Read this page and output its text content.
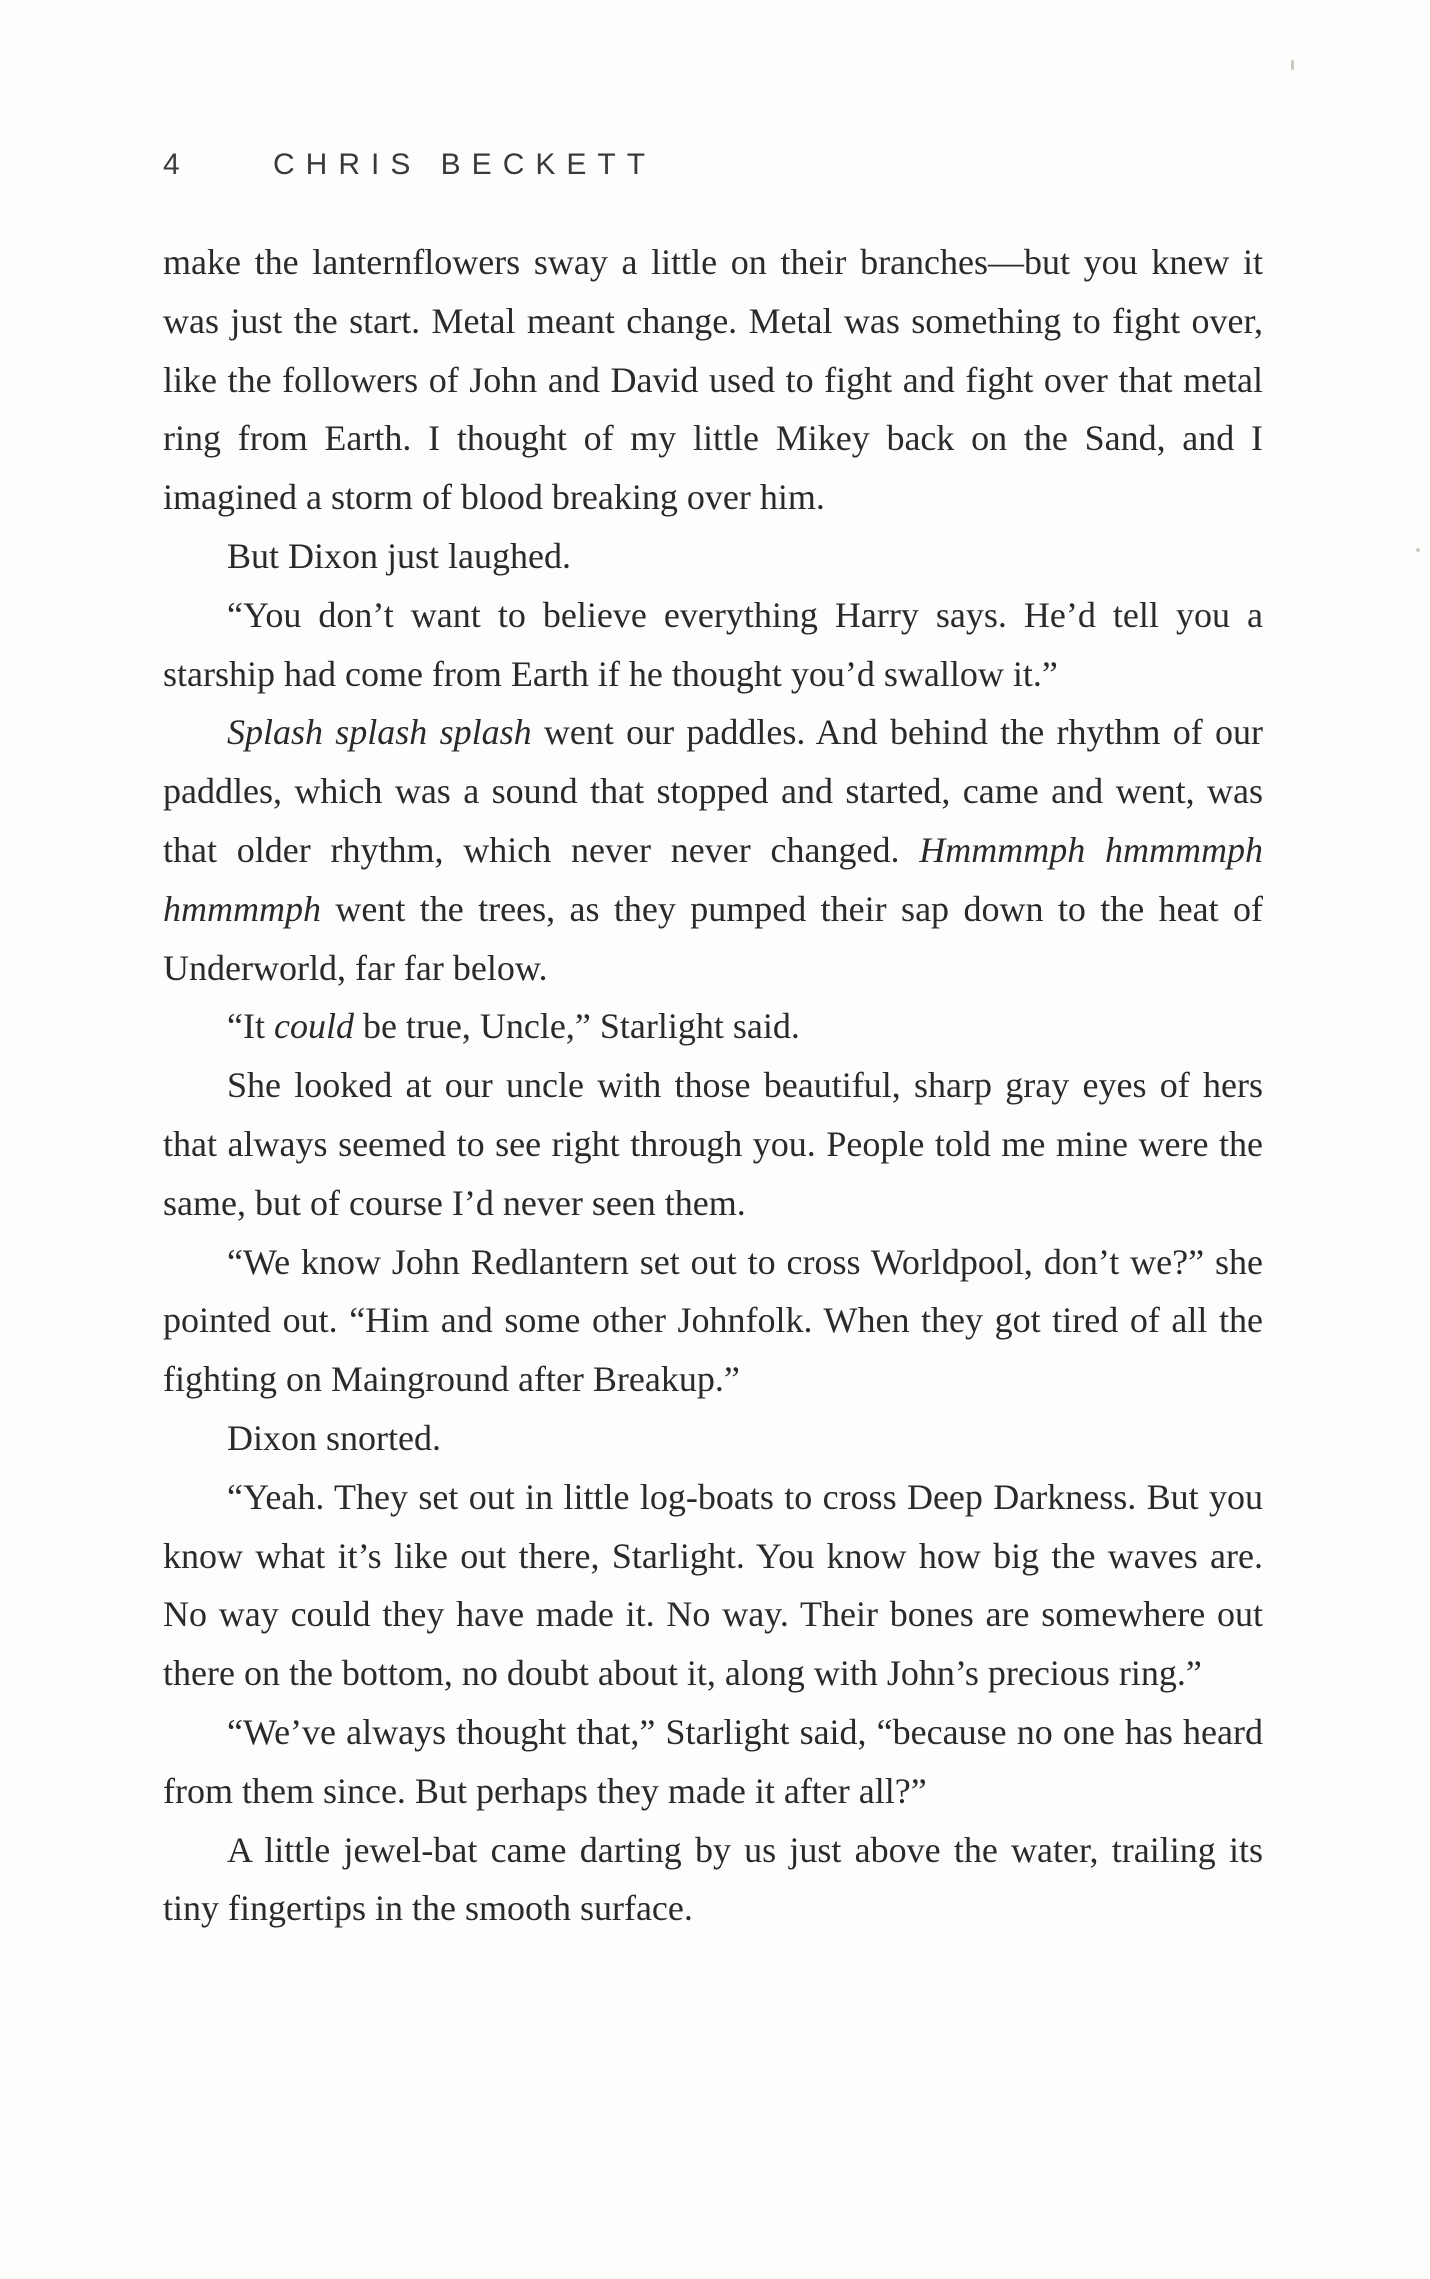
4	CHRIS BECKETT

make the lanternflowers sway a little on their branches—but you knew it was just the start. Metal meant change. Metal was something to fight over, like the followers of John and David used to fight and fight over that metal ring from Earth. I thought of my little Mikey back on the Sand, and I imagined a storm of blood breaking over him.

But Dixon just laughed.

“You don’t want to believe everything Harry says. He’d tell you a starship had come from Earth if he thought you’d swallow it.”

Splash splash splash went our paddles. And behind the rhythm of our paddles, which was a sound that stopped and started, came and went, was that older rhythm, which never never changed. Hmmmmph hmmmmph hmmmmph went the trees, as they pumped their sap down to the heat of Underworld, far far below.

“It could be true, Uncle,” Starlight said.

She looked at our uncle with those beautiful, sharp gray eyes of hers that always seemed to see right through you. People told me mine were the same, but of course I’d never seen them.

“We know John Redlantern set out to cross Worldpool, don’t we?” she pointed out. “Him and some other Johnfolk. When they got tired of all the fighting on Mainground after Breakup.”

Dixon snorted.

“Yeah. They set out in little log-boats to cross Deep Darkness. But you know what it’s like out there, Starlight. You know how big the waves are. No way could they have made it. No way. Their bones are somewhere out there on the bottom, no doubt about it, along with John’s precious ring.”

“We’ve always thought that,” Starlight said, “because no one has heard from them since. But perhaps they made it after all?”

A little jewel-bat came darting by us just above the water, trailing its tiny fingertips in the smooth surface.
